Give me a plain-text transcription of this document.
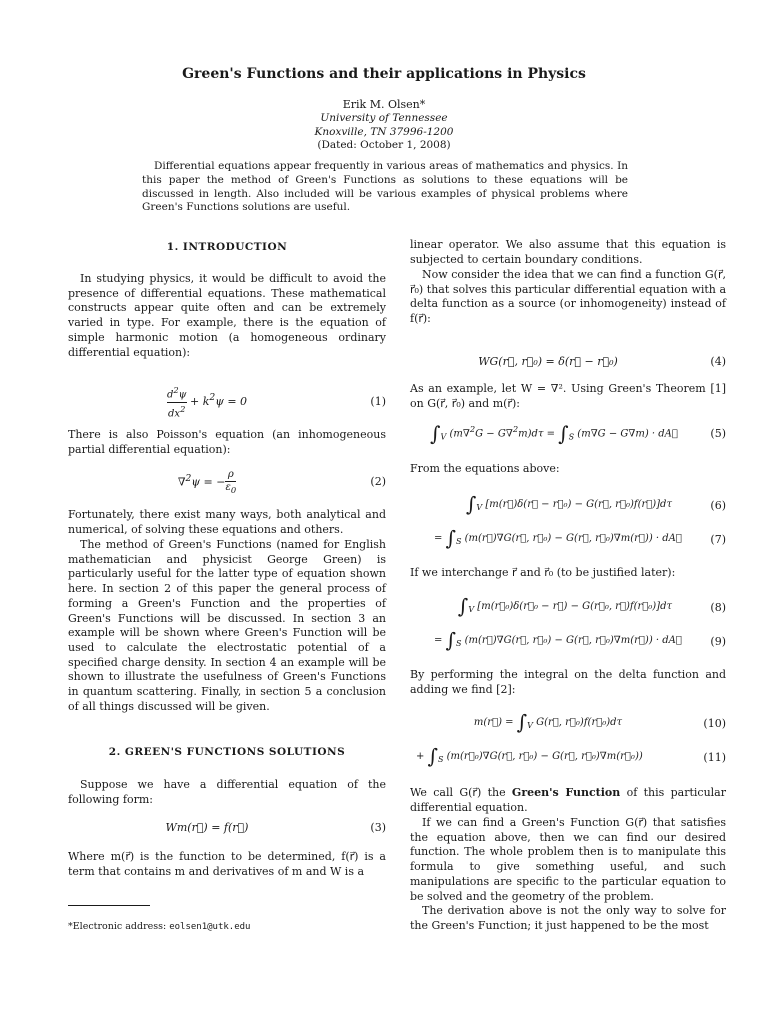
Green's Functions and their applications in Physics
Erik M. Olsen*
University of Tennessee
Knoxville, TN 37996-1200
(Dated: October 1, 2008)

Differential equations appear frequently in various areas of mathematics and physics. In this paper the method of Green's Functions as solutions to these equations will be discussed in length. Also included will be various examples of physical problems where Green's Functions solutions are useful.

1. INTRODUCTION

In studying physics, it would be difficult to avoid the presence of differential equations. These mathematical constructs appear quite often and can be extremely varied in type. For example, there is the equation of simple harmonic motion (a homogeneous ordinary differential equation):

$\frac{d^2\psi}{dx^2} + k^2\psi = 0$	(1)

There is also Poisson's equation (an inhomogeneous partial differential equation):

∇$^2$ψ = − $\frac{\rho}{\varepsilon_0}$	(2)

Fortunately, there exist many ways, both analytical and numerical, of solving these equations and others.

The method of Green's Functions (named for English mathematician and physicist George Green) is particularly useful for the latter type of equation shown here. In section 2 of this paper the general process of forming a Green's Function and the properties of Green's Functions will be discussed. In section 3 an example will be shown where Green's Function will be used to calculate the electrostatic potential of a specified charge density. In section 4 an example will be shown to illustrate the usefulness of Green's Functions in quantum scattering. Finally, in section 5 a conclusion of all things discussed will be given.

2. GREEN'S FUNCTIONS SOLUTIONS

Suppose we have a differential equation of the following form:

Wm(r⃗) = f(r⃗)	(3)

Where m(r⃗) is the function to be determined, f(r⃗) is a term that contains m and derivatives of m and W is a

*Electronic address: eolsen1@utk.edu

linear operator. We also assume that this equation is subjected to certain boundary conditions.

Now consider the idea that we can find a function G(r⃗, r⃗₀) that solves this particular differential equation with a delta function as a source (or inhomogeneity) instead of f(r⃗):

WG(r⃗, r⃗₀) = δ(r⃗ − r⃗₀)	(4)

As an example, let W = ∇². Using Green's Theorem [1] on G(r⃗, r⃗₀) and m(r⃗):

$\int_V$ $(m\nabla^2G - G\nabla^2m)d\tau = \int_S$ (m∇G − G∇m) · dA⃗	(5)

From the equations above:

$\int_V$ [m(r⃗)δ(r⃗ − r⃗₀) − G(r⃗, r⃗₀)f(r⃗)]dτ	(6)
= $\int_S$ (m(r⃗)∇G(r⃗, r⃗₀) − G(r⃗, r⃗₀)∇m(r⃗)) · dA⃗	(7)

If we interchange r⃗ and r⃗₀ (to be justified later):

$\int_V$ [m(r⃗₀)δ(r⃗₀ − r⃗) − G(r⃗₀, r⃗)f(r⃗₀)]dτ	(8)
= $\int_S$ (m(r⃗)∇G(r⃗, r⃗₀) − G(r⃗, r⃗₀)∇m(r⃗)) · dA⃗	(9)

By performing the integral on the delta function and adding we find [2]:

m(r⃗) = $\int_V$ G(r⃗, r⃗₀)f(r⃗₀)dτ	(10)
+ $\int_S$ (m(r⃗₀)∇G(r⃗, r⃗₀) − G(r⃗, r⃗₀)∇m(r⃗₀))	(11)

We call G(r⃗) the Green's Function of this particular differential equation.

If we can find a Green's Function G(r⃗) that satisfies the equation above, then we can find our desired function. The whole problem then is to manipulate this formula to give something useful, and such manipulations are specific to the particular equation to be solved and the geometry of the problem.

The derivation above is not the only way to solve for the Green's Function; it just happened to be the most
